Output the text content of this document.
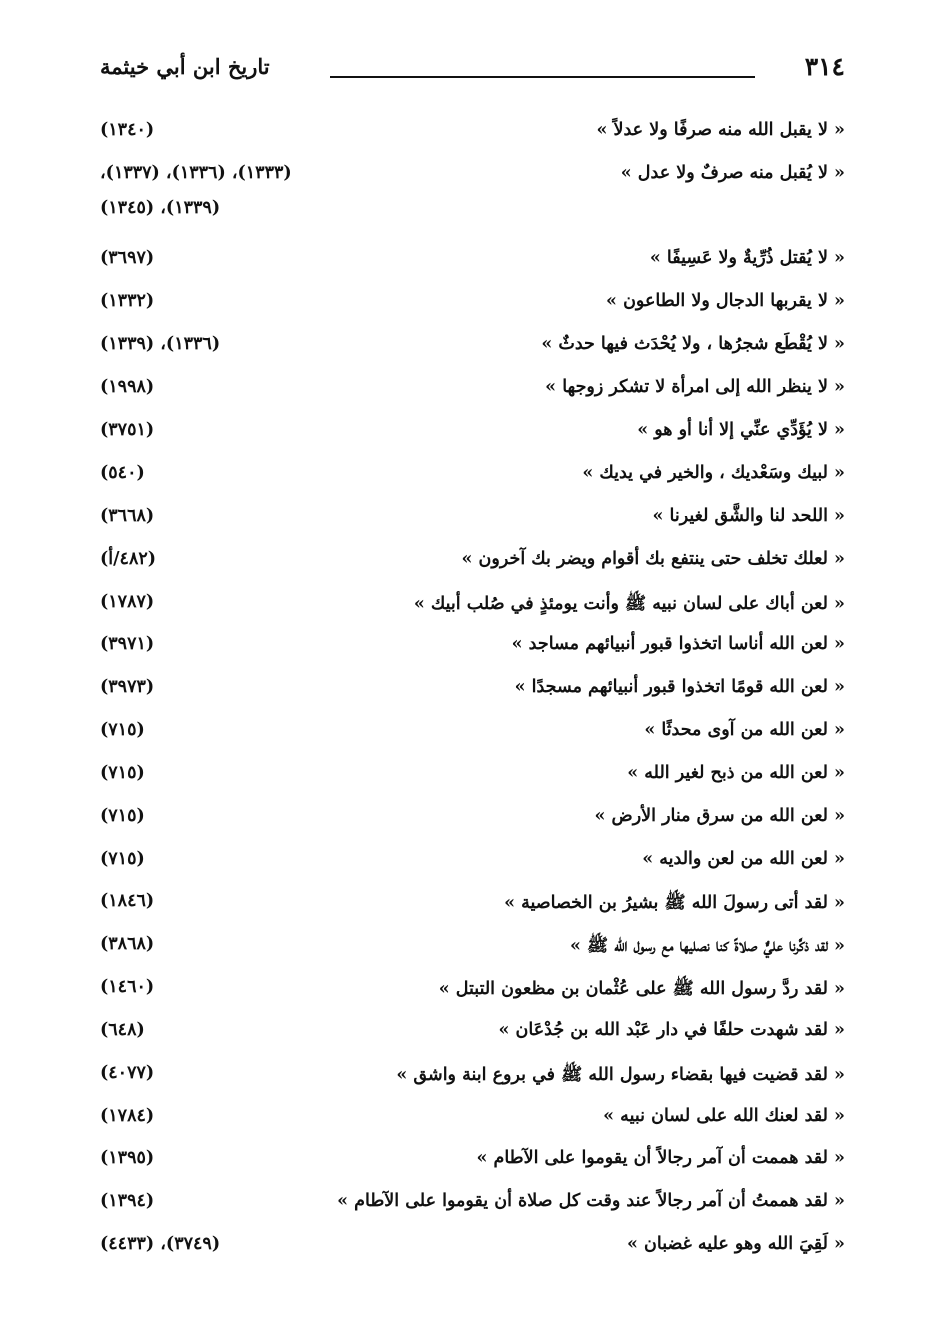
٣١٤
تاريخ ابن أبي خيثمة
« لا يقبل الله منه صرفًا ولا عدلاً »
(١٣٤٠)
« لا يُقبل منه صرفٌ ولا عدل »
(١٣٣٣)، (١٣٣٦)، (١٣٣٧)،
(١٣٣٩)، (١٣٤٥)
« لا يُقتل ذُرِّيةٌ ولا عَسِيفًا »
(٣٦٩٧)
« لا يقربها الدجال ولا الطاعون »
(١٣٣٢)
« لا يُقْطَع شجرُها ، ولا يُحْدَث فيها حدثٌ »
(١٣٣٦)، (١٣٣٩)
« لا ينظر الله إلى امرأة لا تشكر زوجها »
(١٩٩٨)
« لا يُؤَدِّي عنِّي إلا أنا أو هو »
(٣٧٥١)
« لبيك وسَعْديك ، والخير في يديك »
(٥٤٠)
« اللحد لنا والشَّق لغيرنا »
(٣٦٦٨)
« لعلك تخلف حتى ينتفع بك أقوام ويضر بك آخرون »
(٤٨٢/أ)
« لعن أباك على لسان نبيه ﷺ وأنت يومئذٍ في صُلب أبيك »
(١٧٨٧)
« لعن الله أناسا اتخذوا قبور أنبيائهم مساجد »
(٣٩٧١)
« لعن الله قومًا اتخذوا قبور أنبيائهم مسجدًا »
(٣٩٧٣)
« لعن الله من آوى محدثًا »
(٧١٥)
« لعن الله من ذبح لغير الله »
(٧١٥)
« لعن الله من سرق منار الأرض »
(٧١٥)
« لعن الله من لعن والديه »
(٧١٥)
« لقد أتى رسولَ الله ﷺ بشيرُ بن الخصاصية »
(١٨٤٦)
« لقد ذكَّرنا عليٌّ صلاةً كنا نصليها مع رسول الله ﷺ »
(٣٨٦٨)
« لقد ردَّ رسول الله ﷺ على عُثْمان بن مظعون التبتل »
(١٤٦٠)
« لقد شهدت حلفًا في دار عَبْد الله بن جُدْعَان »
(٦٤٨)
« لقد قضيت فيها بقضاء رسول الله ﷺ في بروع ابنة واشق »
(٤٠٧٧)
« لقد لعنك الله على لسان نبيه »
(١٧٨٤)
« لقد هممت أن آمر رجالاً أن يقوموا على الآطام »
(١٣٩٥)
« لقد هممتُ أن آمر رجالاً عند وقت كل صلاة أن يقوموا على الآطام »
(١٣٩٤)
« لَقِيَ الله وهو عليه غضبان »
(٣٧٤٩)، (٤٤٣٣)
